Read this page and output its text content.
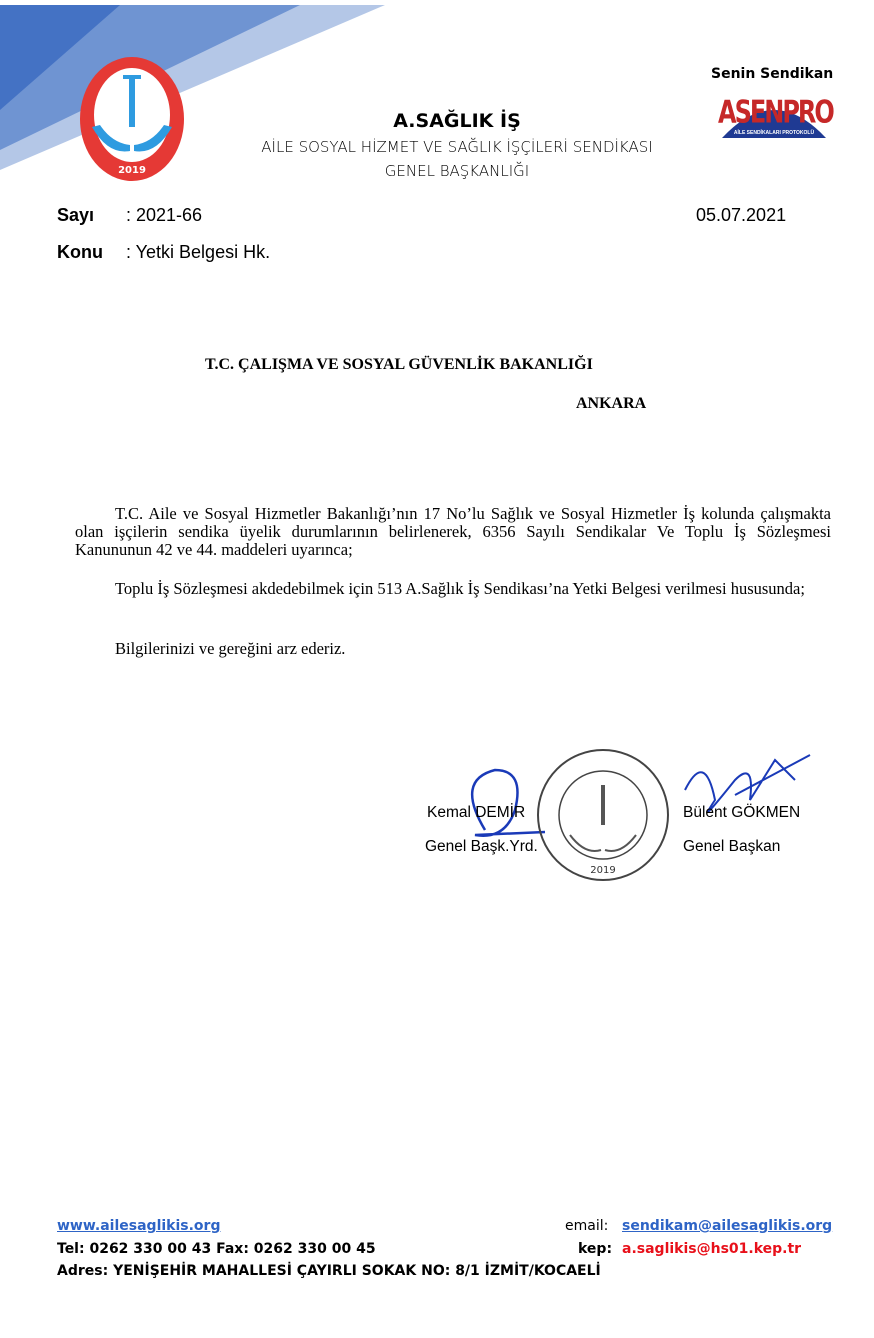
2019
A.SAĞLIK İŞ
AİLE SOSYAL HİZMET VE SAĞLIK İŞÇİLERİ SENDİKASI
GENEL BAŞKANLIĞI
Senin Sendikan
ASENPRO
AİLE SENDİKALARI PROTOKOLÜ
Sayı : 2021-66	05.07.2021
Konu : Yetki Belgesi Hk.
T.C. ÇALIŞMA VE SOSYAL GÜVENLİK BAKANLIĞI
ANKARA
T.C. Aile ve Sosyal Hizmetler Bakanlığı’nın 17 No’lu Sağlık ve Sosyal Hizmetler İş kolunda çalışmakta olan işçilerin sendika üyelik durumlarının belirlenerek, 6356 Sayılı Sendikalar Ve Toplu İş Sözleşmesi Kanununun 42 ve 44. maddeleri uyarınca;
Toplu İş Sözleşmesi akdedebilmek için 513 A.Sağlık İş Sendikası’na Yetki Belgesi verilmesi hususunda;
Bilgilerinizi ve gereğini arz ederiz.
2019
Kemal DEMİR
Genel Başk.Yrd.
Bülent GÖKMEN
Genel Başkan
www.ailesaglikis.org	email: sendikam@ailesaglikis.org
Tel: 0262 330 00 43 Fax: 0262 330 00 45	kep: a.saglikis@hs01.kep.tr
Adres: YENİŞEHİR MAHALLESİ ÇAYIRLI SOKAK NO: 8/1 İZMİT/KOCAELİ
